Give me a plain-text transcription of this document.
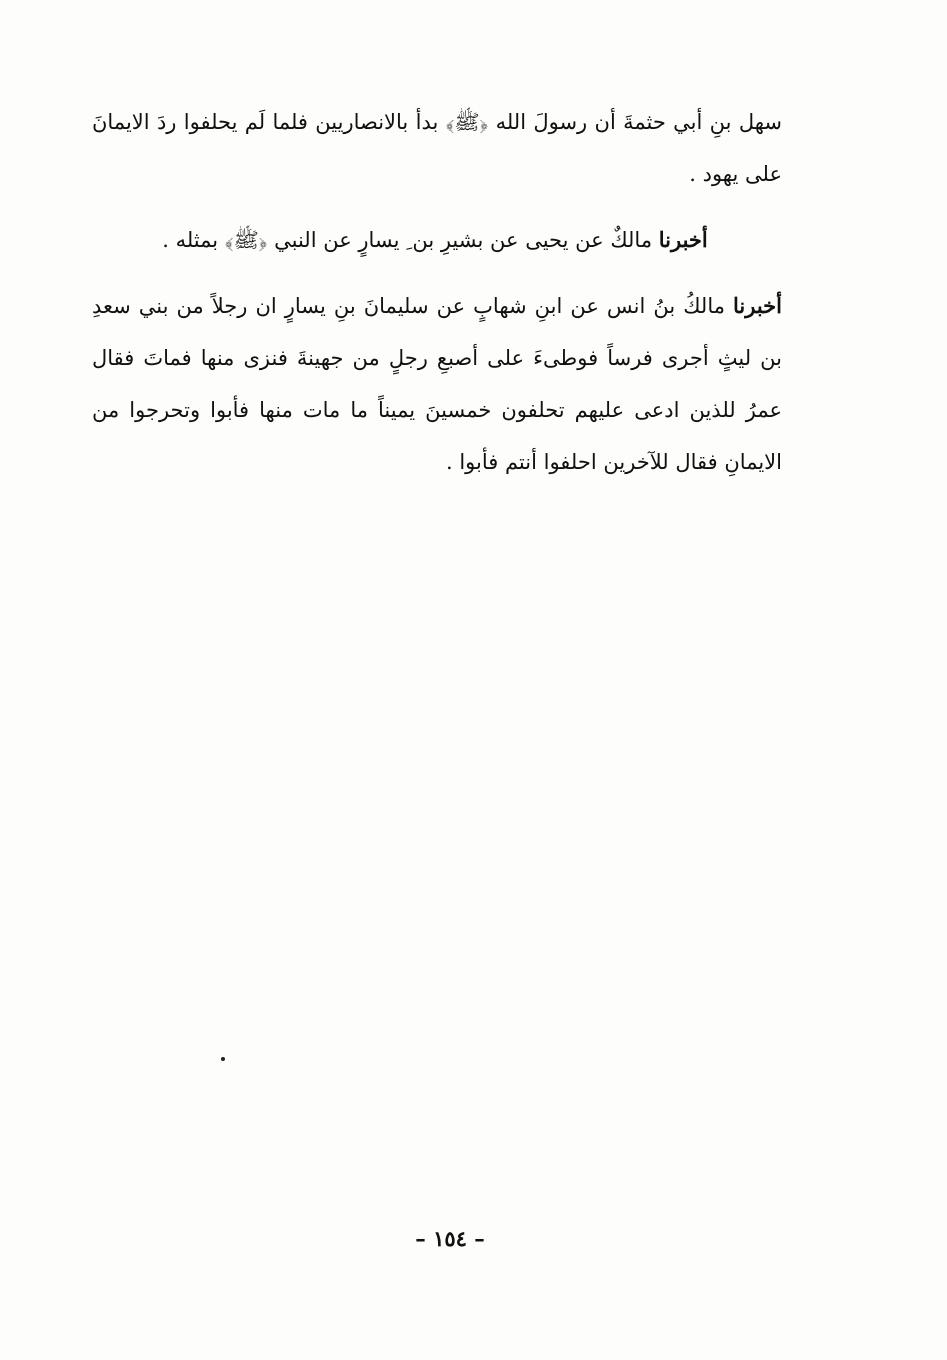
سهل بنِ أبي حثمةَ أن رسولَ الله ﴿ﷺ﴾ بدأ بالانصاريين فلما لَم يحلفوا ردَ الايمانَ على يهود .
أخبرنا مالكٌ عن يحيى عن بشيرِ بن ِ يسارٍ عن النبي ﴿ﷺ﴾ بمثله .
أخبرنا مالكُ بنُ انس عن ابنِ شهابٍ عن سليمانَ بنِ يسارٍ ان رجلاً من بني سعدِ بن ليثٍ أجرى فرساً فوطىءَ على أصبعِ رجلٍ من جهينةَ فنزى منها فماتَ فقال عمرُ للذين ادعى عليهم تحلفون خمسينَ يميناً ما مات منها فأبوا وتحرجوا من الايمانِ فقال للآخرين احلفوا أنتم فأبوا .
– ١٥٤ –
